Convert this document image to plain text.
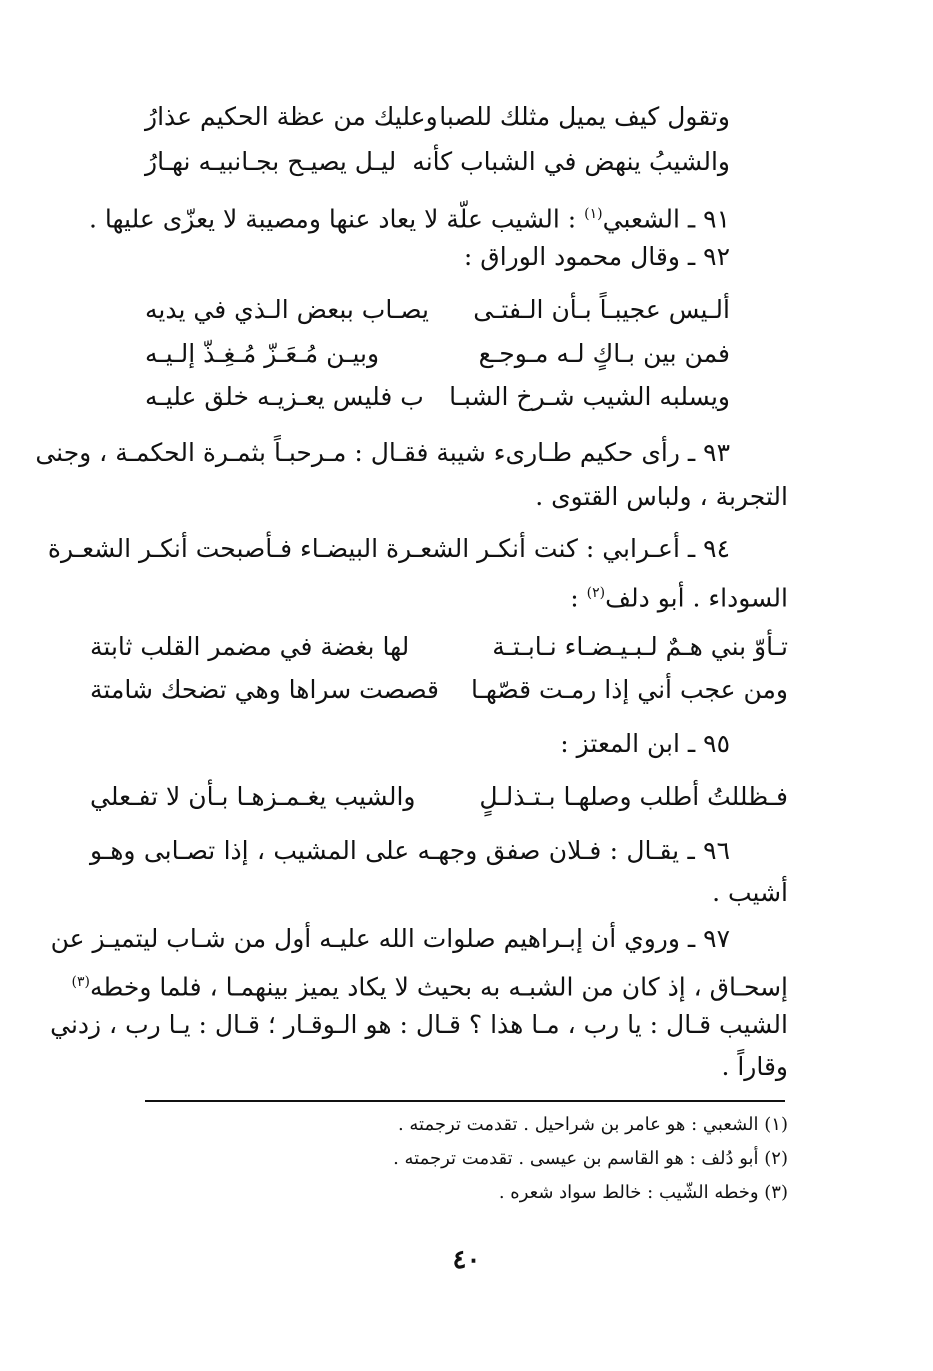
وتقول كيف يميل مثلك للصبا
وعليك من عظة الحكيم عذارُ
والشيبُ ينهض في الشباب كأنه
ليـل يصيـح بجـانبيـه نهـارُ
٩١ ـ الشعبي$^{(١)}$ : الشيب علّة لا يعاد عنها ومصيبة لا يعزّى عليها .
٩٢ ـ وقال محمود الوراق :
ألـيس عجيبـاً بـأن الـفتـى
يصـاب ببعض الـذي في يديه
فمن بين بـاكٍ لـه مـوجـع
وبيـن مُـعَـزّ مُـغِـذّ إلـيـه
ويسلبه الشيب شـرخ الشبـا
ب فليس يعـزيـه خلق عليـه
٩٣ ـ رأى حكيم طـارىء شيبة فقـال : مـرحبـاً بثمـرة الحكمـة ، وجنى
التجربة ، ولباس القتوى .
٩٤ ـ أعـرابي : كنت أنكـر الشعـرة البيضـاء فـأصبحت أنكـر الشعـرة
السوداء . أبو دلف$^{(٢)}$ :
تـأوّ بني هـمٌ لـبـيـضـاء نـابـتـة
لها بغضة في مضمر القلب ثابتة
ومن عجب أني إذا رمـت قصّهـا
قصصت سراها وهي تضحك شامتة
٩٥ ـ ابن المعتز :
فـظللتُ أطلب وصلهـا بـتـذلـلٍ
والشيب يغـمـزهـا بـأن لا تفـعلي
٩٦ ـ يقـال : فـلان صفق وجهـه على المشيب ، إذا تصـابى وهـو
أشيب .
٩٧ ـ وروي أن إبـراهيم صلوات الله عليـه أول من شـاب ليتميـز عن
إسحـاق ، إذ كان من الشبـه به بحيث لا يكاد يميز بينهمـا ، فلما وخطه$^{(٣)}$
الشيب قـال : يا رب ، مـا هذا ؟ قـال : هو الـوقـار ؛ قـال : يـا رب ، زدني
وقاراً .
(١) الشعبي : هو عامر بن شراحيل . تقدمت ترجمته .
(٢) أبو دُلف : هو القاسم بن عيسى . تقدمت ترجمته .
(٣) وخطه الشّيب : خالط سواد شعره .
٤٠
